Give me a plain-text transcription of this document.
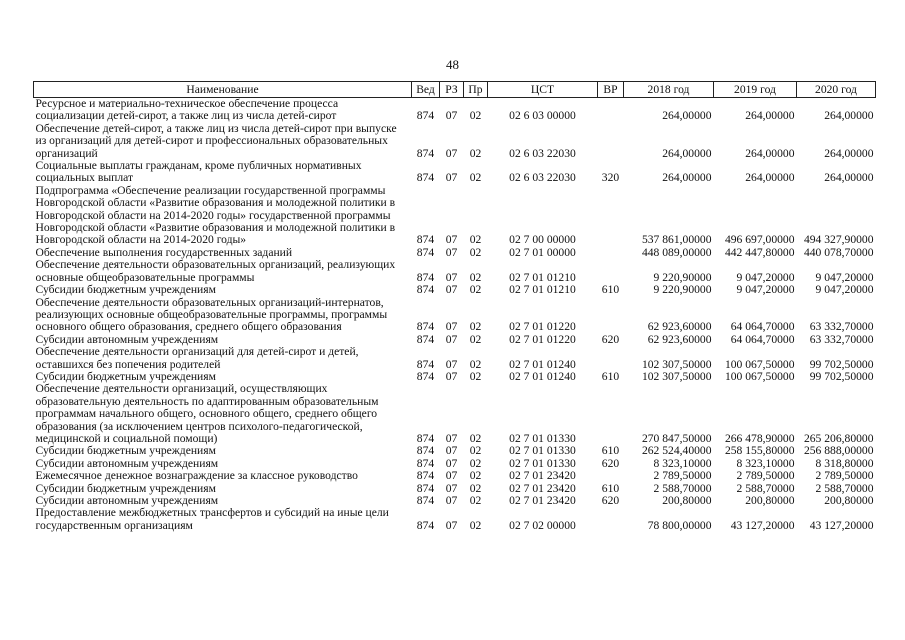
48
Наименование	Вед	РЗ	Пр	ЦСТ	ВР	2018 год	2019 год	2020 год
Ресурсное и материально-техническое обеспечение процесса социализации детей-сирот, а также лиц из числа детей-сирот	874	07	02	02 6 03 00000		264,00000	264,00000	264,00000
Обеспечение детей-сирот, а также лиц из числа детей-сирот при выпуске из организаций для детей-сирот и профессиональных образовательных организаций	874	07	02	02 6 03 22030		264,00000	264,00000	264,00000
Социальные выплаты гражданам, кроме публичных нормативных социальных выплат	874	07	02	02 6 03 22030	320	264,00000	264,00000	264,00000
Подпрограмма «Обеспечение реализации государственной программы Новгородской области «Развитие образования и молодежной политики в Новгородской области на 2014-2020 годы» государственной программы Новгородской области «Развитие образования и молодежной политики в Новгородской области на 2014-2020 годы»	874	07	02	02 7 00 00000		537 861,00000	496 697,00000	494 327,90000
Обеспечение выполнения государственных заданий	874	07	02	02 7 01 00000		448 089,00000	442 447,80000	440 078,70000
Обеспечение деятельности образовательных организаций, реализующих основные общеобразовательные программы	874	07	02	02 7 01 01210		9 220,90000	9 047,20000	9 047,20000
Субсидии бюджетным учреждениям	874	07	02	02 7 01 01210	610	9 220,90000	9 047,20000	9 047,20000
Обеспечение деятельности образовательных организаций-интернатов, реализующих основные общеобразовательные программы, программы основного общего образования, среднего общего образования	874	07	02	02 7 01 01220		62 923,60000	64 064,70000	63 332,70000
Субсидии автономным учреждениям	874	07	02	02 7 01 01220	620	62 923,60000	64 064,70000	63 332,70000
Обеспечение деятельности организаций для детей-сирот и детей, оставшихся без попечения родителей	874	07	02	02 7 01 01240		102 307,50000	100 067,50000	99 702,50000
Субсидии бюджетным учреждениям	874	07	02	02 7 01 01240	610	102 307,50000	100 067,50000	99 702,50000
Обеспечение деятельности организаций, осуществляющих образовательную деятельность по адаптированным образовательным программам начального общего, основного общего, среднего общего образования (за исключением центров психолого-педагогической, медицинской и социальной помощи)	874	07	02	02 7 01 01330		270 847,50000	266 478,90000	265 206,80000
Субсидии бюджетным учреждениям	874	07	02	02 7 01 01330	610	262 524,40000	258 155,80000	256 888,00000
Субсидии автономным учреждениям	874	07	02	02 7 01 01330	620	8 323,10000	8 323,10000	8 318,80000
Ежемесячное денежное вознаграждение за классное руководство	874	07	02	02 7 01 23420		2 789,50000	2 789,50000	2 789,50000
Субсидии бюджетным учреждениям	874	07	02	02 7 01 23420	610	2 588,70000	2 588,70000	2 588,70000
Субсидии автономным учреждениям	874	07	02	02 7 01 23420	620	200,80000	200,80000	200,80000
Предоставление межбюджетных трансфертов и субсидий на иные цели государственным организациям	874	07	02	02 7 02 00000		78 800,00000	43 127,20000	43 127,20000
